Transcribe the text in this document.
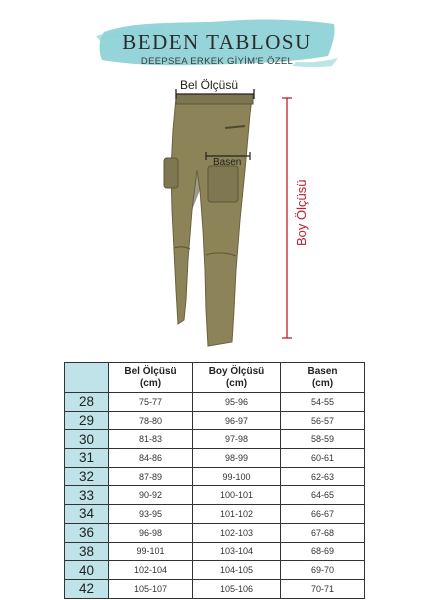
BEDEN TABLOSU
DEEPSEA ERKEK GİYİM'E ÖZEL
Bel Ölçüsü
Basen
Boy Ölçüsü
	Bel Ölçüsü
(cm)	Boy Ölçüsü
(cm)	Basen
(cm)
28	75-77	95-96	54-55
29	78-80	96-97	56-57
30	81-83	97-98	58-59
31	84-86	98-99	60-61
32	87-89	99-100	62-63
33	90-92	100-101	64-65
34	93-95	101-102	66-67
36	96-98	102-103	67-68
38	99-101	103-104	68-69
40	102-104	104-105	69-70
42	105-107	105-106	70-71
